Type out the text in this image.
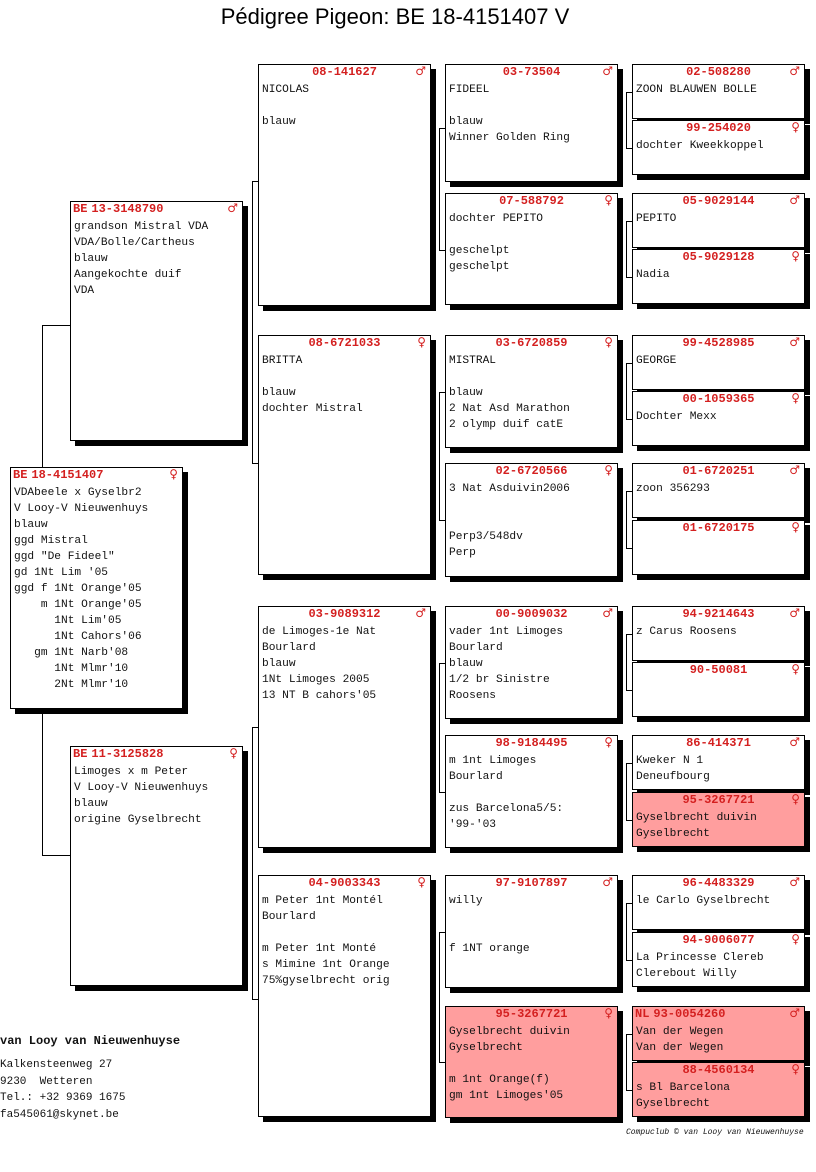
Pédigree Pigeon: BE 18-4151407 V
BE 18-4151407	♀
VDAbeele x Gyselbr2
V Looy-V Nieuwenhuys
blauw
ggd Mistral
ggd "De Fideel"
gd 1Nt Lim '05
ggd f 1Nt Orange'05
m 1Nt Orange'05
1Nt Lim'05
1Nt Cahors'06
gm 1Nt Narb'08
1Nt Mlmr'10
2Nt Mlmr'10
BE 13-3148790	♂
grandson Mistral VDA
VDA/Bolle/Cartheus
blauw
Aangekochte duif
VDA
BE 11-3125828	♀
Limoges x m Peter
V Looy-V Nieuwenhuys
blauw
origine Gyselbrecht
08-141627	♂
NICOLAS
blauw
08-6721033	♀
BRITTA
blauw
dochter Mistral
03-9089312	♂
de Limoges-1e Nat
Bourlard
blauw
1Nt Limoges 2005
13 NT B cahors'05
04-9003343	♀
m Peter 1nt Montél
Bourlard
m Peter 1nt Monté
s Mimine 1nt Orange
75%gyselbrecht orig
03-73504	♂
FIDEEL
blauw
Winner Golden Ring
07-588792	♀
dochter PEPITO
geschelpt
geschelpt
03-6720859	♀
MISTRAL
blauw
2 Nat Asd Marathon
2 olymp duif catE
02-6720566	♀
3 Nat Asduivin2006
Perp3/548dv
Perp
00-9009032	♂
vader 1nt Limoges
Bourlard
blauw
1/2 br Sinistre
Roosens
98-9184495	♀
m 1nt Limoges
Bourlard
zus Barcelona5/5:
'99-'03
97-9107897	♂
willy
f 1NT orange
95-3267721	♀
Gyselbrecht duivin
Gyselbrecht
m 1nt Orange(f)
gm 1nt Limoges'05
02-508280	♂
ZOON BLAUWEN BOLLE
99-254020	♀
dochter Kweekkoppel
05-9029144	♂
PEPITO
05-9029128	♀
Nadia
99-4528985	♂
GEORGE
00-1059365	♀
Dochter Mexx
01-6720251	♂
zoon 356293
01-6720175	♀
94-9214643	♂
z Carus Roosens
90-50081	♀
86-414371	♂
Kweker N 1
Deneufbourg
95-3267721	♀
Gyselbrecht duivin
Gyselbrecht
96-4483329	♂
le Carlo Gyselbrecht
94-9006077	♀
La Princesse Clereb
Clerebout Willy
NL 93-0054260	♂
Van der Wegen
Van der Wegen
88-4560134	♀
s Bl Barcelona
Gyselbrecht
van Looy van Nieuwenhuyse
Kalkensteenweg 27
9230  Wetteren
Tel.: +32 9369 1675
fa545061@skynet.be
Compuclub © van Looy van Nieuwenhuyse
